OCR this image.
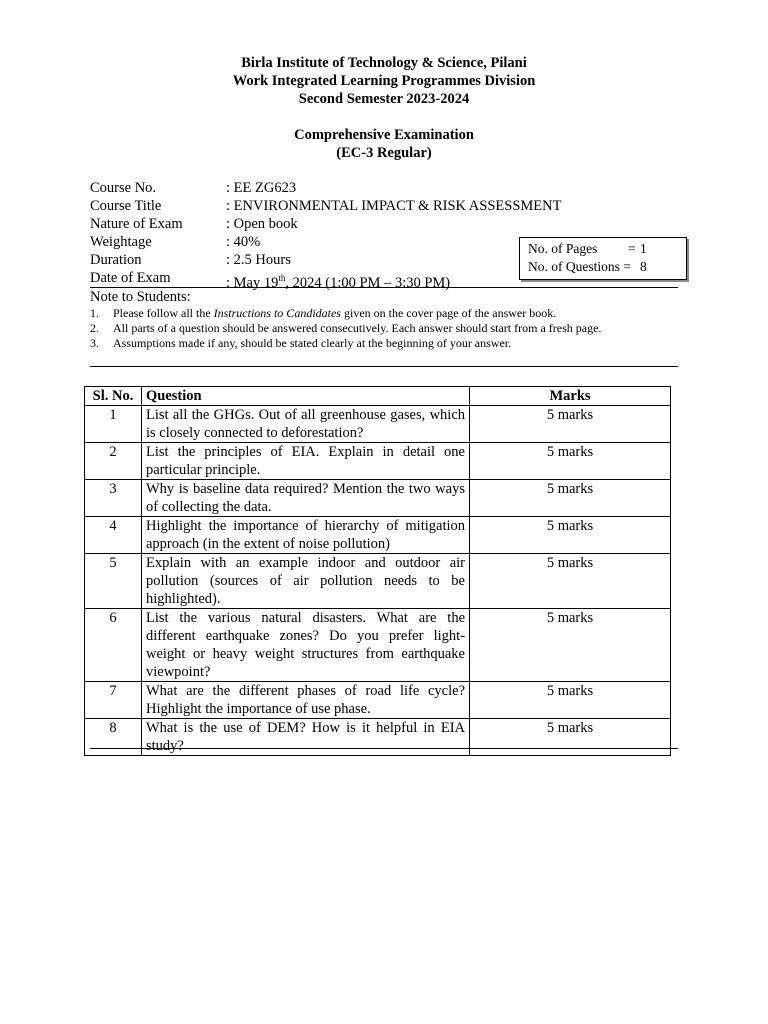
Birla Institute of Technology & Science, Pilani
Work Integrated Learning Programmes Division
Second Semester 2023-2024
Comprehensive Examination
(EC-3 Regular)
Course No.	: EE ZG623
Course Title	: ENVIRONMENTAL IMPACT & RISK ASSESSMENT
Nature of Exam	: Open book
Weightage	: 40%
Duration	: 2.5 Hours
Date of Exam	: May 19th, 2024 (1:00 PM – 3:30 PM)
No. of Pages = 1
No. of Questions = 8
Note to Students:
1. Please follow all the Instructions to Candidates given on the cover page of the answer book.
2. All parts of a question should be answered consecutively. Each answer should start from a fresh page.
3. Assumptions made if any, should be stated clearly at the beginning of your answer.
Sl. No.	Question	Marks
1	List all the GHGs. Out of all greenhouse gases, which is closely connected to deforestation?	5 marks
2	List the principles of EIA. Explain in detail one particular principle.	5 marks
3	Why is baseline data required? Mention the two ways of collecting the data.	5 marks
4	Highlight the importance of hierarchy of mitigation approach (in the extent of noise pollution)	5 marks
5	Explain with an example indoor and outdoor air pollution (sources of air pollution needs to be highlighted).	5 marks
6	List the various natural disasters. What are the different earthquake zones? Do you prefer light-weight or heavy weight structures from earthquake viewpoint?	5 marks
7	What are the different phases of road life cycle? Highlight the importance of use phase.	5 marks
8	What is the use of DEM? How is it helpful in EIA study?	5 marks
